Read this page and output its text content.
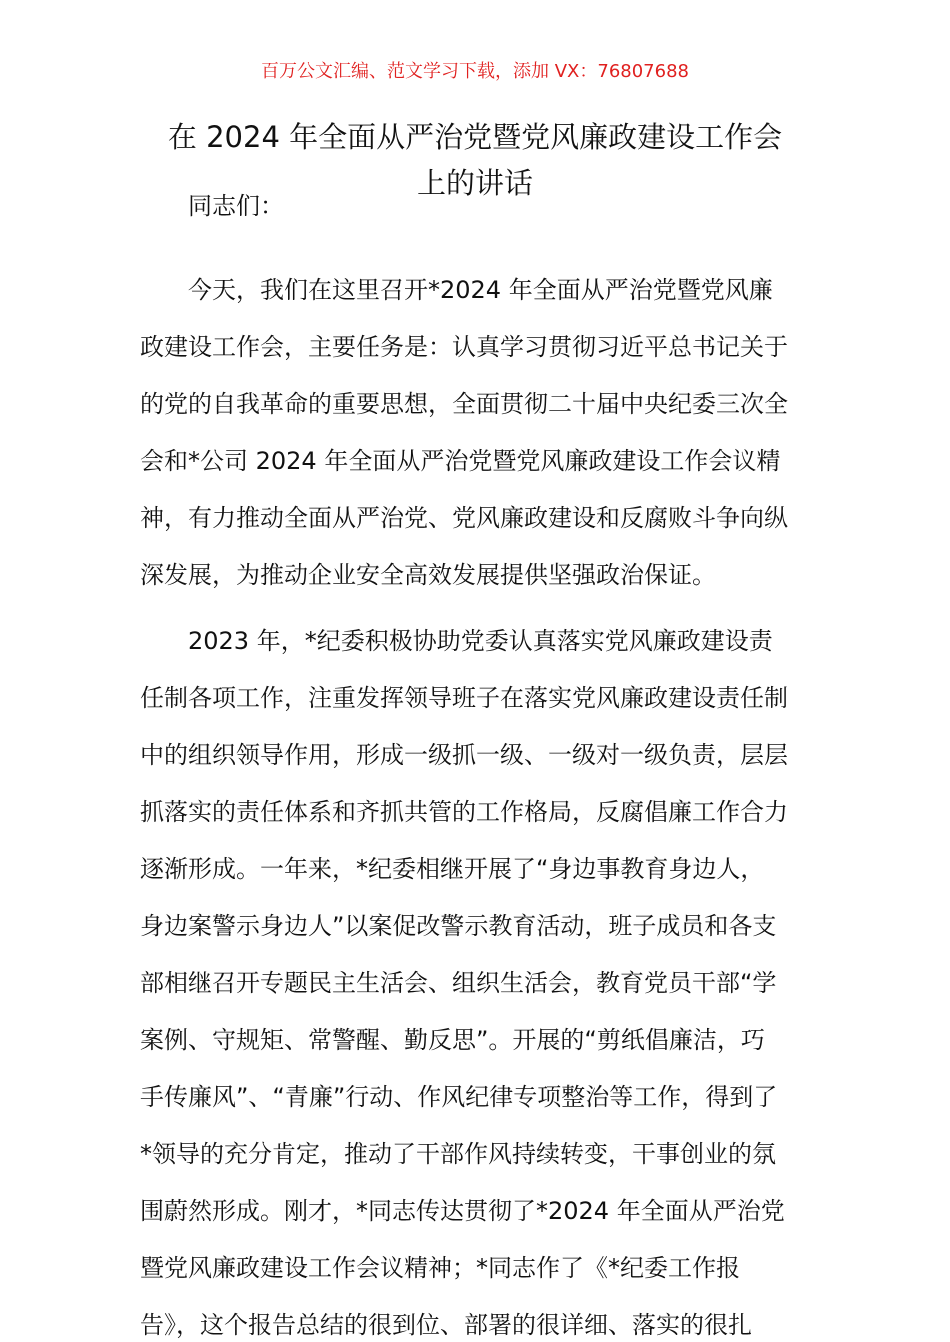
百万公文汇编、范文学习下载，添加 VX：76807688
在 2024 年全面从严治党暨党风廉政建设工作会
上的讲话
同志们：
今天，我们在这里召开*2024 年全面从严治党暨党风廉
政建设工作会，主要任务是：认真学习贯彻习近平总书记关于
的党的自我革命的重要思想，全面贯彻二十届中央纪委三次全
会和*公司 2024 年全面从严治党暨党风廉政建设工作会议精
神，有力推动全面从严治党、党风廉政建设和反腐败斗争向纵
深发展，为推动企业安全高效发展提供坚强政治保证。
2023 年，*纪委积极协助党委认真落实党风廉政建设责
任制各项工作，注重发挥领导班子在落实党风廉政建设责任制
中的组织领导作用，形成一级抓一级、一级对一级负责，层层
抓落实的责任体系和齐抓共管的工作格局，反腐倡廉工作合力
逐渐形成。一年来，*纪委相继开展了“身边事教育身边人，
身边案警示身边人”以案促改警示教育活动，班子成员和各支
部相继召开专题民主生活会、组织生活会，教育党员干部“学
案例、守规矩、常警醒、勤反思”。开展的“剪纸倡廉洁，巧
手传廉风”、“青廉”行动、作风纪律专项整治等工作，得到了
*领导的充分肯定，推动了干部作风持续转变，干事创业的氛
围蔚然形成。刚才，*同志传达贯彻了*2024 年全面从严治党
暨党风廉政建设工作会议精神；*同志作了《*纪委工作报
告》，这个报告总结的很到位、部署的很详细、落实的很扎
